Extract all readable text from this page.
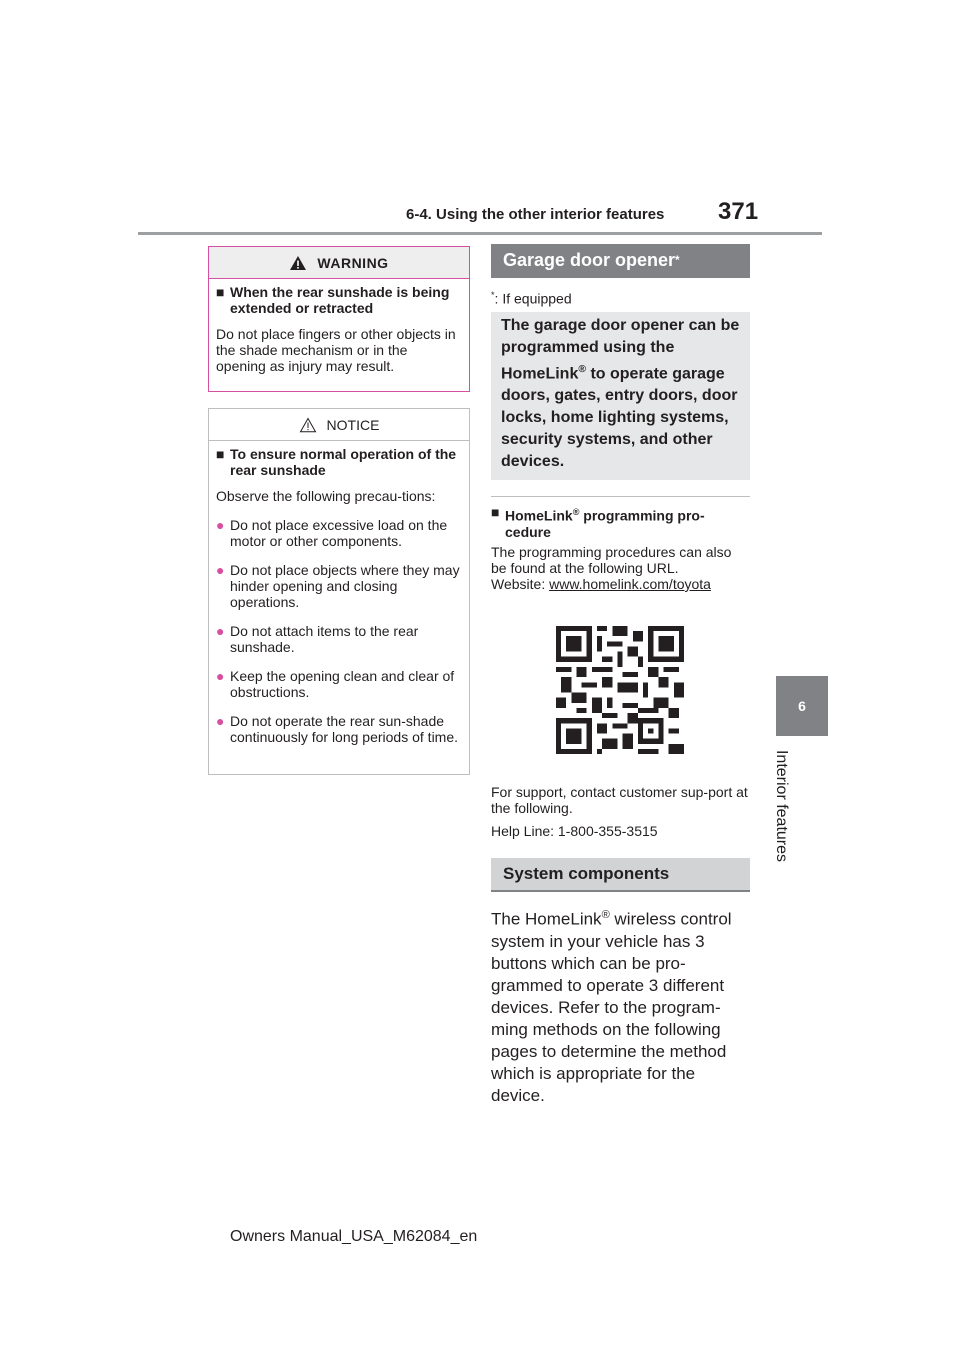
6-4. Using the other interior features 371
6
Interior features
WARNING
■ When the rear sunshade is being extended or retracted
Do not place fingers or other objects in the shade mechanism or in the opening as injury may result.
NOTICE
■ To ensure normal operation of the rear sunshade
Observe the following precau-tions:
● Do not place excessive load on the motor or other components.
● Do not place objects where they may hinder opening and closing operations.
● Do not attach items to the rear sunshade.
● Keep the opening clean and clear of obstructions.
● Do not operate the rear sun-shade continuously for long periods of time.
Garage door opener *
*: If equipped
The garage door opener can be programmed using the HomeLink® to operate garage doors, gates, entry doors, door locks, home lighting systems, security systems, and other devices.
■ HomeLink® programming pro-cedure
The programming procedures can also be found at the following URL.
Website: www.homelink.com/toyota
For support, contact customer sup-port at the following.
Help Line: 1-800-355-3515
System components
The HomeLink® wireless control system in your vehicle has 3 buttons which can be pro-grammed to operate 3 different devices. Refer to the program-ming methods on the following pages to determine the method which is appropriate for the device.
Owners Manual_USA_M62084_en
